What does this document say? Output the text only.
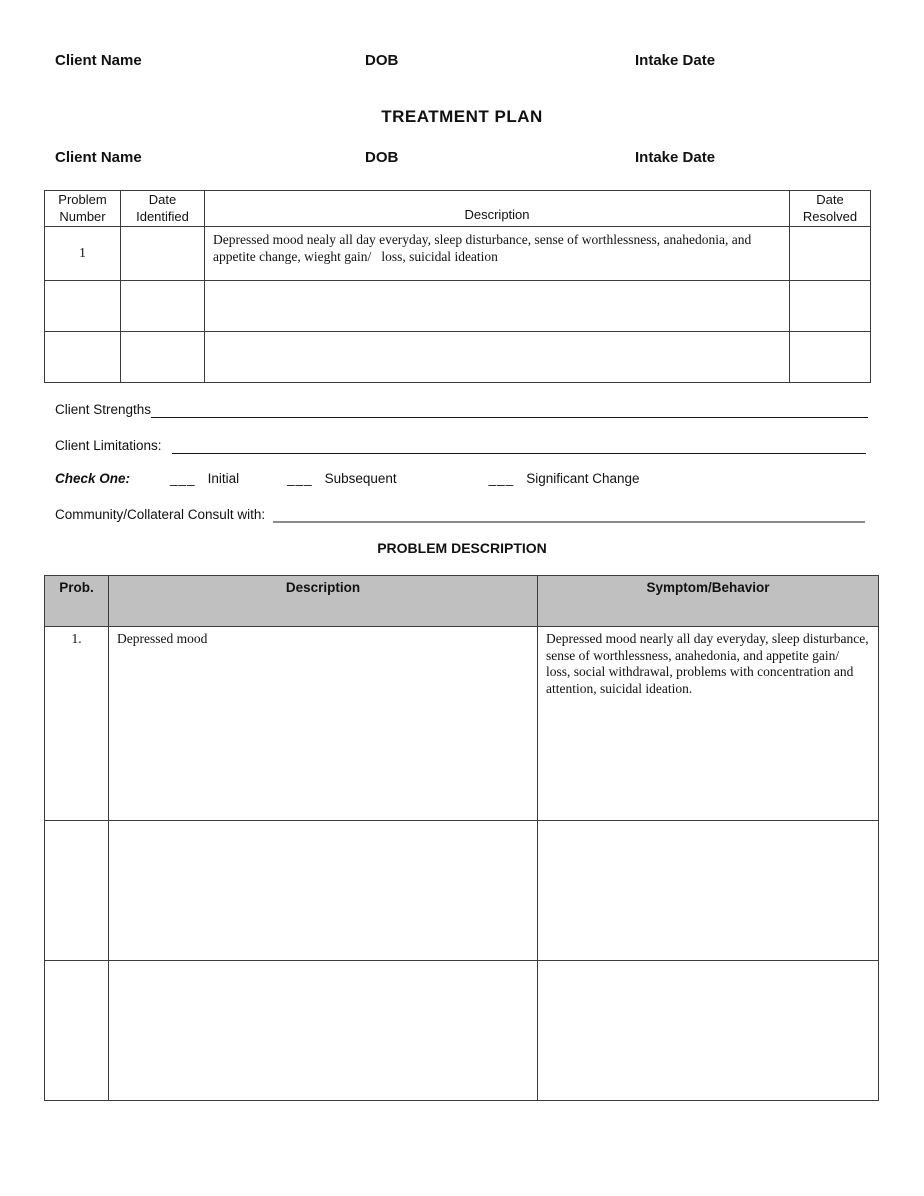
Client Name	DOB	Intake Date
TREATMENT PLAN
Client Name	DOB	Intake Date
Problem Number	Date Identified	Description	Date Resolved
1		Depressed mood nealy all day everyday, sleep disturbance, sense of worthlessness, anahedonia, and appetite change, wieght gain/   loss, suicidal ideation	

Client Strengths
Client Limitations:
Check One:	___ Initial	___ Subsequent	___ Significant Change
Community/Collateral Consult with:
PROBLEM DESCRIPTION
Prob.	Description	Symptom/Behavior
1.	Depressed mood	Depressed mood nearly all day everyday, sleep disturbance,  sense of worthlessness, anahedonia, and appetite gain/  loss, social withdrawal, problems with concentration and attention, suicidal ideation.
